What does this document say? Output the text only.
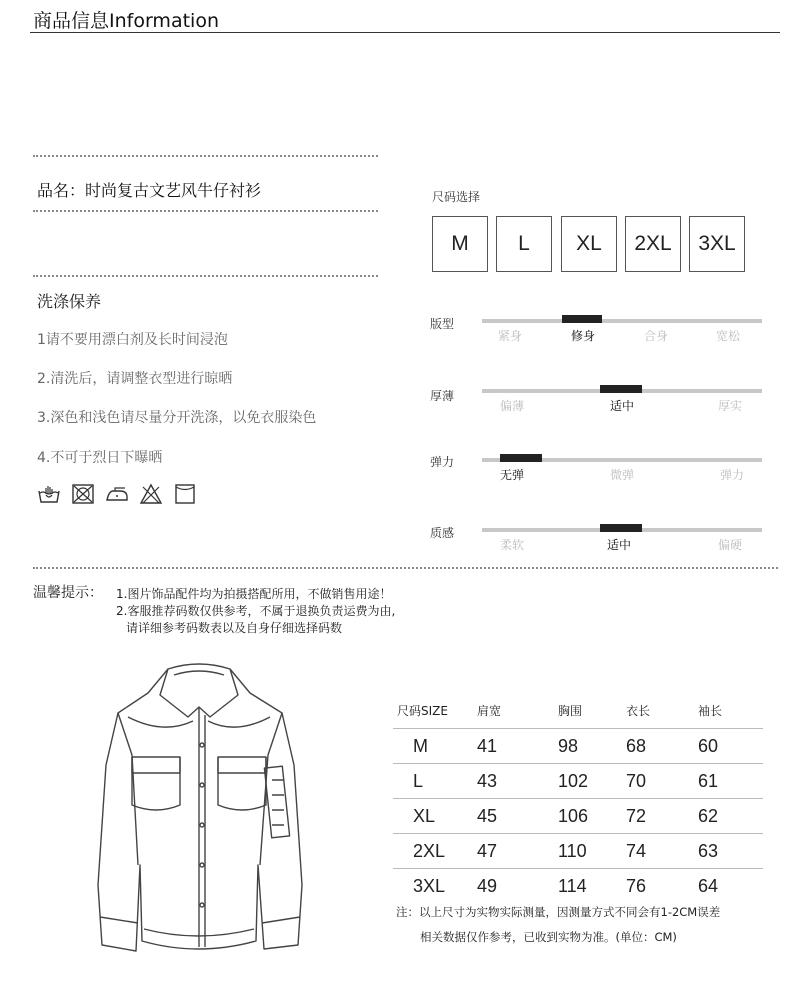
商品信息Information
品名：时尚复古文艺风牛仔衬衫
洗涤保养
1请不要用漂白剂及长时间浸泡
2.清洗后，请调整衣型进行晾晒
3.深色和浅色请尽量分开洗涤，以免衣服染色
4.不可于烈日下曝晒
尺码选择
M	L	XL	2XL	3XL
版型
紧身	修身	合身	宽松
厚薄
偏薄	适中	厚实
弹力
无弹	微弹	弹力
质感
柔软	适中	偏硬
温馨提示： 1.图片饰品配件均为拍摄搭配所用，不做销售用途！
2.客服推荐码数仅供参考，不属于退换负责运费为由,
请详细参考码数表以及自身仔细选择码数
尺码SIZE	肩宽	胸围	衣长	袖长
M	41	98	68	60
L	43	102	70	61
XL	45	106	72	62
2XL	47	110	74	63
3XL	49	114	76	64
注：以上尺寸为实物实际测量，因测量方式不同会有1-2CM误差
相关数据仅作参考，已收到实物为准。(单位：CM)
